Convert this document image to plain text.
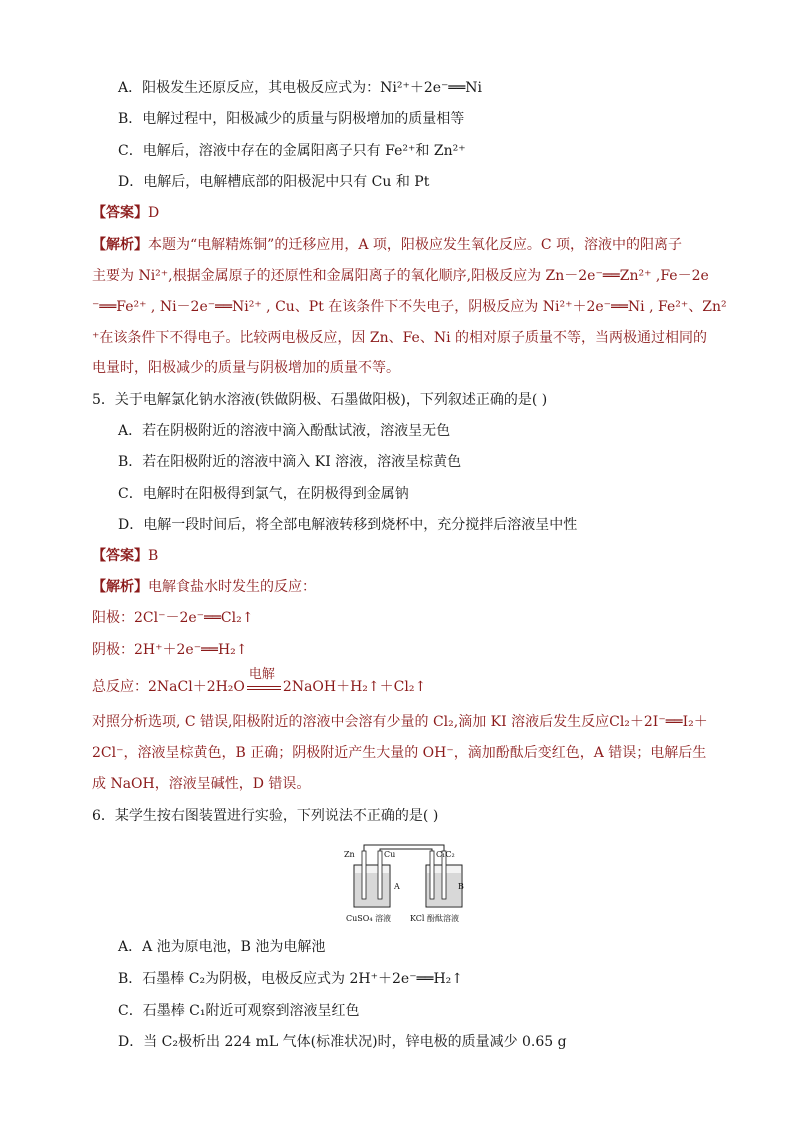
A．阳极发生还原反应，其电极反应式为：Ni²⁺＋2e⁻══Ni
B．电解过程中，阳极减少的质量与阴极增加的质量相等
C．电解后，溶液中存在的金属阳离子只有 Fe²⁺和 Zn²⁺
D．电解后，电解槽底部的阳极泥中只有 Cu 和 Pt
【答案】D
【解析】本题为“电解精炼铜”的迁移应用，A 项，阳极应发生氧化反应。C 项，溶液中的阳离子
主要为 Ni²⁺,根据金属原子的还原性和金属阳离子的氧化顺序,阳极反应为 Zn－2e⁻══Zn²⁺ ,Fe－2e
⁻══Fe²⁺ , Ni－2e⁻══Ni²⁺ , Cu、Pt 在该条件下不失电子，阴极反应为 Ni²⁺＋2e⁻══Ni , Fe²⁺、Zn²
⁺在该条件下不得电子。比较两电极反应，因 Zn、Fe、Ni 的相对原子质量不等，当两极通过相同的
电量时，阳极减少的质量与阴极增加的质量不等。
5．关于电解氯化钠水溶液(铁做阴极、石墨做阳极)，下列叙述正确的是( )
A．若在阴极附近的溶液中滴入酚酞试液，溶液呈无色
B．若在阳极附近的溶液中滴入 KI 溶液，溶液呈棕黄色
C．电解时在阳极得到氯气，在阴极得到金属钠
D．电解一段时间后，将全部电解液转移到烧杯中，充分搅拌后溶液呈中性
【答案】B
【解析】电解食盐水时发生的反应：
阳极：2Cl⁻－2e⁻══Cl₂↑
阴极：2H⁺＋2e⁻══H₂↑
总反应：2NaCl＋2H₂O
电解
2NaOH＋H₂↑＋Cl₂↑
对照分析选项, C 错误,阳极附近的溶液中会溶有少量的 Cl₂,滴加 KI 溶液后发生反应Cl₂＋2I⁻══I₂＋
2Cl⁻，溶液呈棕黄色，B 正确；阴极附近产生大量的 OH⁻，滴加酚酞后变红色，A 错误；电解后生
成 NaOH，溶液呈碱性，D 错误。
6．某学生按右图装置进行实验，下列说法不正确的是( )
Zn	Cu	C₁C₂
A	B
CuSO₄ 溶液 KCl 酚酞溶液
A．A 池为原电池，B 池为电解池
B．石墨棒 C₂为阴极，电极反应式为 2H⁺＋2e⁻══H₂↑
C．石墨棒 C₁附近可观察到溶液呈红色
D．当 C₂极析出 224 mL 气体(标准状况)时，锌电极的质量减少 0.65 g
